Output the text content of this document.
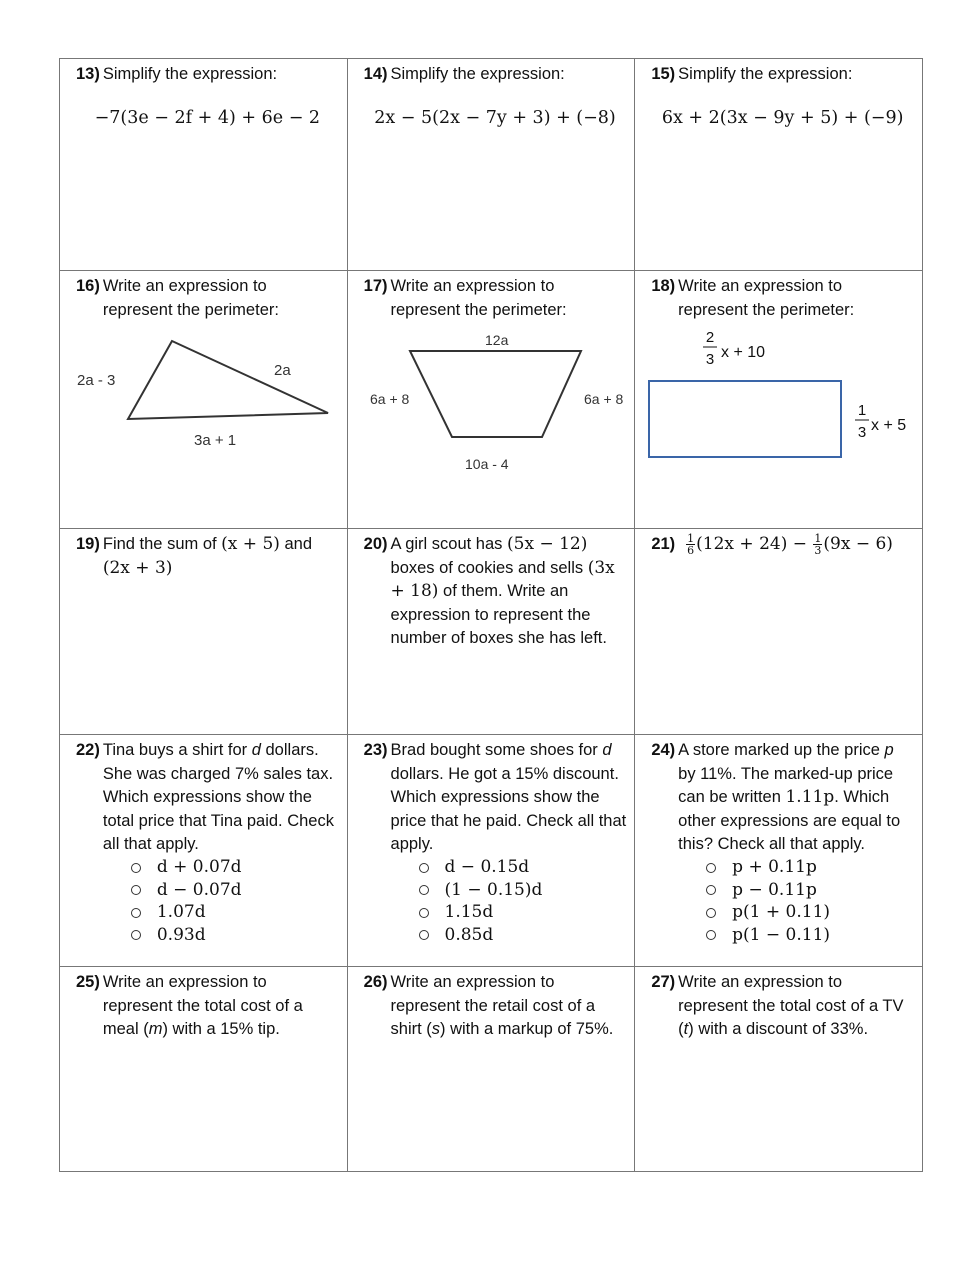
13) Simplify the expression:
−7(3e − 2f + 4) + 6e − 2
14) Simplify the expression:
2x − 5(2x − 7y + 3) + (−8)
15) Simplify the expression:
6x + 2(3x − 9y + 5) + (−9)
16) Write an expression to represent the perimeter:
2a - 3
2a
3a + 1
17) Write an expression to represent the perimeter:
12a
6a + 8	6a + 8
10a - 4
18) Write an expression to represent the perimeter:
2
3 x + 10
1
3 x + 5
19) Find the sum of (x + 5) and (2x + 3)
20) A girl scout has (5x − 12) boxes of cookies and sells (3x + 18) of them. Write an expression to represent the number of boxes she has left.
$21) \frac{1}{6} (12x + 24) - \frac{1}{3} (9x - 6)$
22) Tina buys a shirt for d dollars. She was charged 7% sales tax. Which expressions show the total price that Tina paid. Check all that apply.
d + 0.07d
d − 0.07d
1.07d
0.93d
23) Brad bought some shoes for d dollars. He got a 15% discount. Which expressions show the price that he paid. Check all that apply.
d − 0.15d
(1 − 0.15)d
1.15d
0.85d
24) A store marked up the price p by 11%. The marked-up price can be written 1.11p. Which other expressions are equal to this? Check all that apply.
p + 0.11p
p − 0.11p
p(1 + 0.11)
p(1 − 0.11)
25) Write an expression to represent the total cost of a meal (m) with a 15% tip.
26) Write an expression to represent the retail cost of a shirt (s) with a markup of 75%.
27) Write an expression to represent the total cost of a TV (t) with a discount of 33%.
